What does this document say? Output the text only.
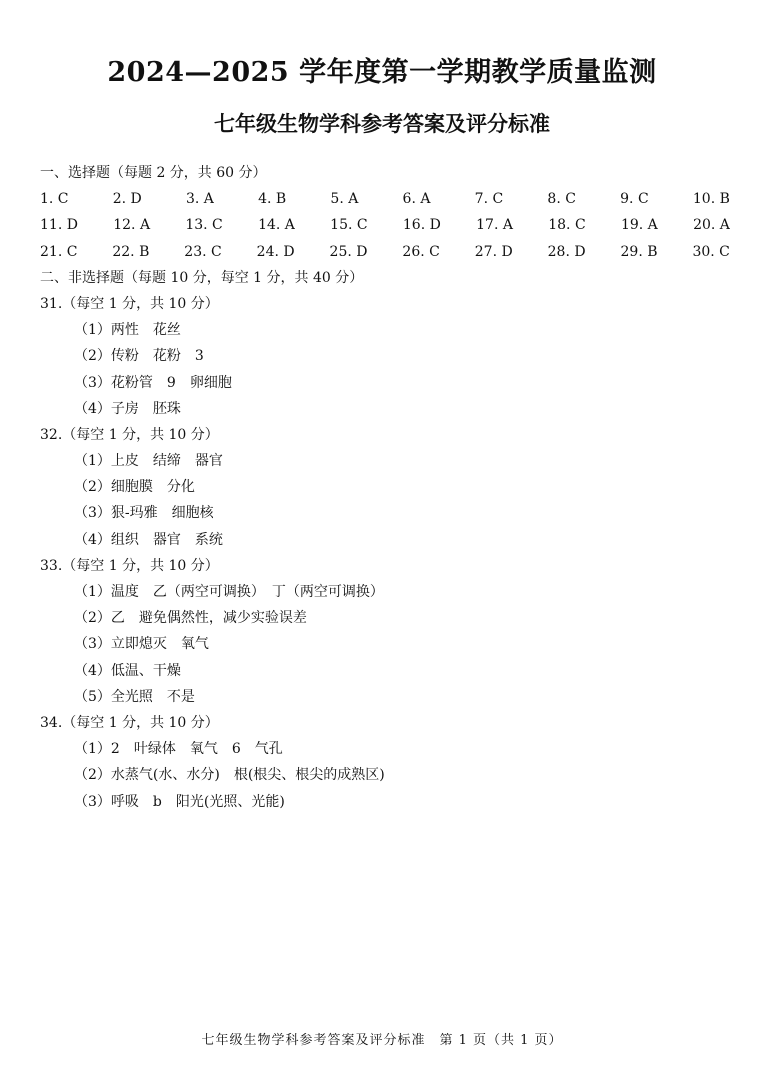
2024—2025 学年度第一学期教学质量监测
七年级生物学科参考答案及评分标准
一、选择题（每题 2 分，共 60 分）
1. C	2. D	3. A	4. B	5. A	6. A	7. C	8. C	9. C	10. B
11. D	12. A	13. C	14. A	15. C	16. D	17. A	18. C	19. A	20. A
21. C 22. B 23. C 24. D 25. D 26. C 27. D 28. D 29. B 30. C
二、非选择题（每题 10 分，每空 1 分，共 40 分）
31.（每空 1 分，共 10 分）
（1）两性　花丝
（2）传粉　花粉　3
（3）花粉管　9　卵细胞
（4）子房　胚珠
32.（每空 1 分，共 10 分）
（1）上皮　结缔　器官
（2）细胞膜　分化
（3）狠-玛雅　细胞核
（4）组织　器官　系统
33.（每空 1 分，共 10 分）
（1）温度　乙（两空可调换）　丁（两空可调换）
（2）乙　避免偶然性，减少实验误差
（3）立即熄灭　氧气
（4）低温、干燥
（5）全光照　不是
34.（每空 1 分，共 10 分）
（1）2　叶绿体　氧气　6　气孔
（2）水蒸气(水、水分)　根(根尖、根尖的成熟区)
（3）呼吸　b　阳光(光照、光能)
七年级生物学科参考答案及评分标准　第 1 页（共 1 页）
